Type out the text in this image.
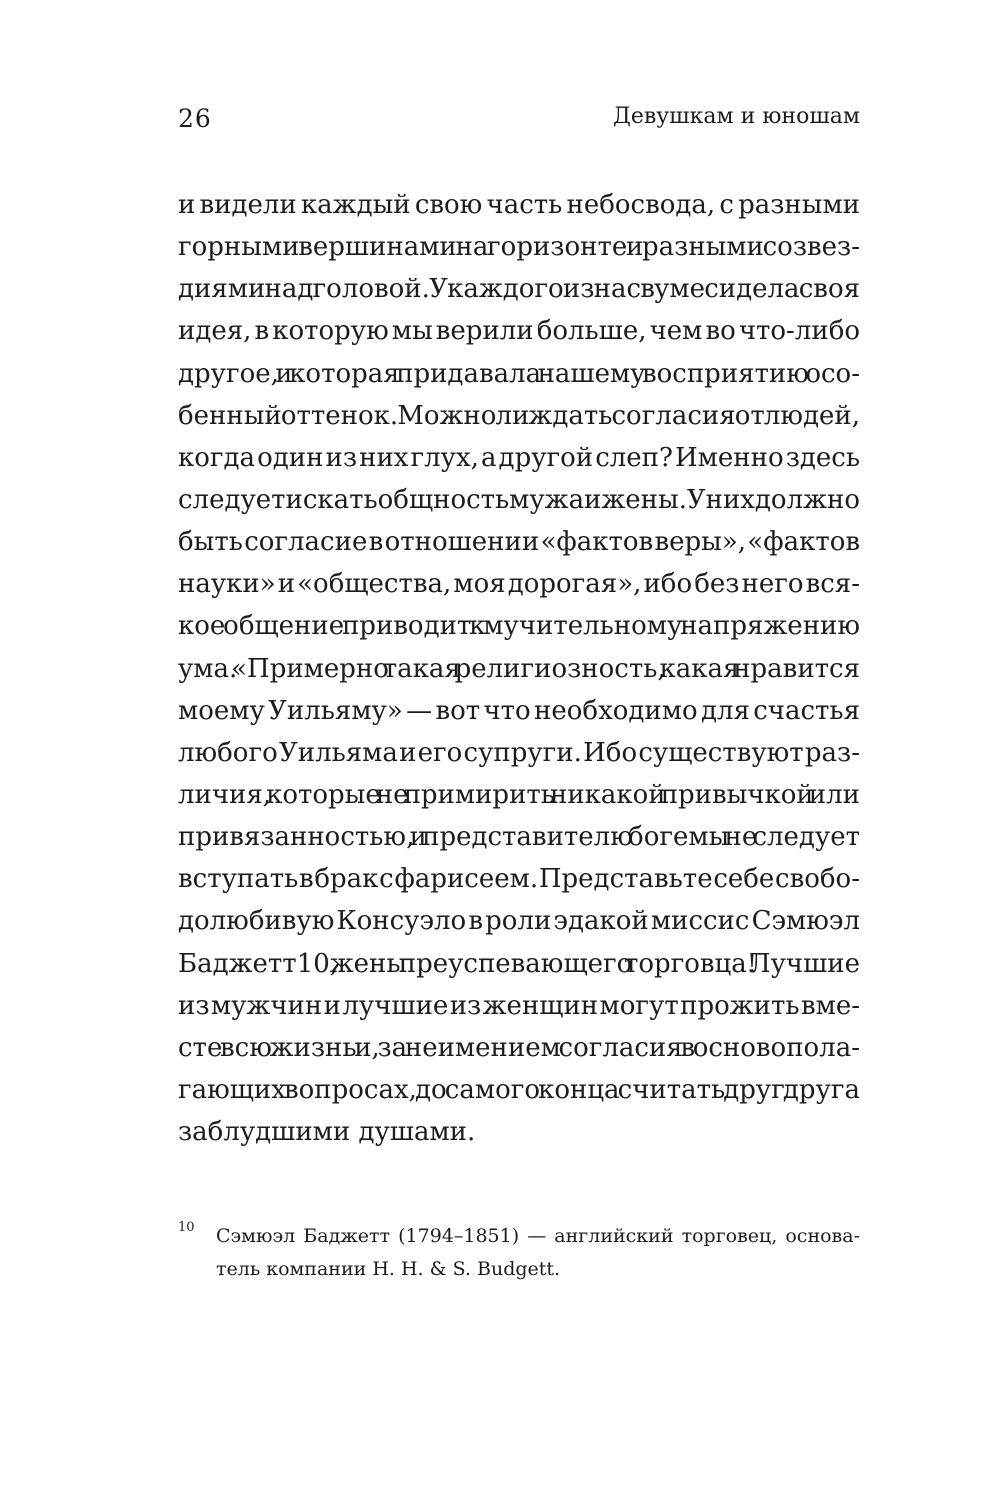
26	Девушкам и юношам
и видели каждый свою часть небосвода, с разными
горными вершинами на горизонте и разными созвез-
диями над головой. У каждого из нас в уме сидела своя
идея, в которую мы верили больше, чем во что-либо
другое, и которая придавала нашему восприятию осо-
бенный оттенок. Можно ли ждать согласия от людей,
когда один из них глух, а другой слеп? Именно здесь
следует искать общность мужа и жены. У них должно
быть согласие в отношении «фактов веры», «фактов
науки» и «общества, моя дорогая», ибо без него вся-
кое общение приводит к мучительному напряжению
ума. «Примерно такая религиозность, какая нравится
моему Уильяму» — вот что необходимо для счастья
любого Уильяма и его супруги. Ибо существуют раз-
личия, которые не примирить никакой привычкой или
привязанностью, и представителю богемы не следует
вступать в брак с фарисеем. Представьте себе свобо-
долюбивую Консуэло в роли эдакой миссис Сэмюэл
Баджетт10, жены преуспевающего торговца! Лучшие
из мужчин и лучшие из женщин могут прожить вме-
сте всю жизнь и, за неимением согласия в основопола-
гающих вопросах, до самого конца считать друг друга
заблудшими душами.
10 Сэмюэл Баджетт (1794–1851) — английский торговец, основа-
тель компании H. H. & S. Budgett.
